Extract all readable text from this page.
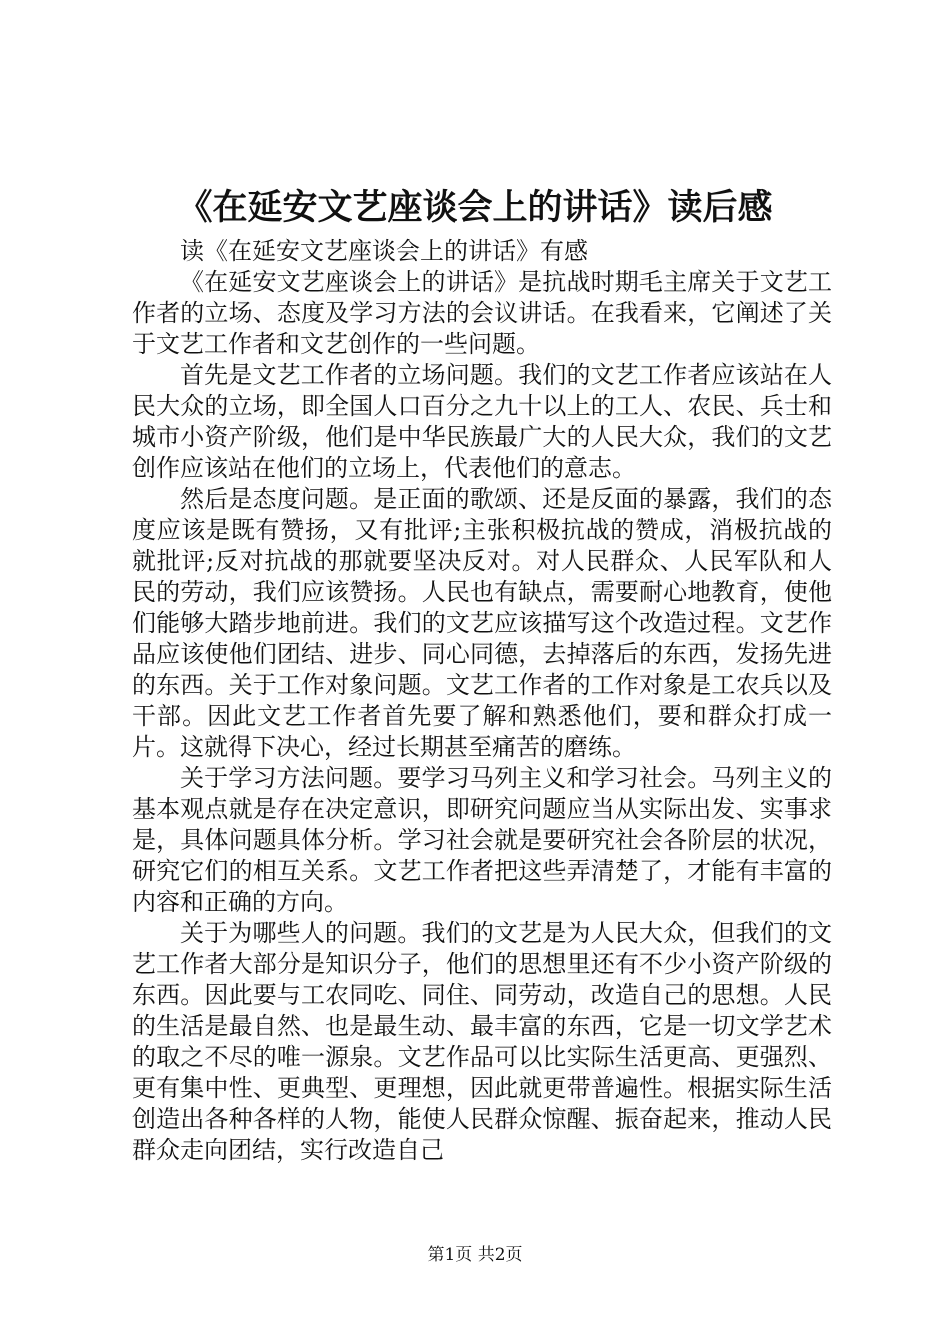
《在延安文艺座谈会上的讲话》读后感

读《在延安文艺座谈会上的讲话》有感

《在延安文艺座谈会上的讲话》是抗战时期毛主席关于文艺工作者的立场、态度及学习方法的会议讲话。在我看来，它阐述了关于文艺工作者和文艺创作的一些问题。

首先是文艺工作者的立场问题。我们的文艺工作者应该站在人民大众的立场，即全国人口百分之九十以上的工人、农民、兵士和城市小资产阶级，他们是中华民族最广大的人民大众，我们的文艺创作应该站在他们的立场上，代表他们的意志。

然后是态度问题。是正面的歌颂、还是反面的暴露，我们的态度应该是既有赞扬，又有批评;主张积极抗战的赞成，消极抗战的就批评;反对抗战的那就要坚决反对。对人民群众、人民军队和人民的劳动，我们应该赞扬。人民也有缺点，需要耐心地教育，使他们能够大踏步地前进。我们的文艺应该描写这个改造过程。文艺作品应该使他们团结、进步、同心同德，去掉落后的东西，发扬先进的东西。关于工作对象问题。文艺工作者的工作对象是工农兵以及干部。因此文艺工作者首先要了解和熟悉他们，要和群众打成一片。这就得下决心，经过长期甚至痛苦的磨练。

关于学习方法问题。要学习马列主义和学习社会。马列主义的基本观点就是存在决定意识，即研究问题应当从实际出发、实事求是，具体问题具体分析。学习社会就是要研究社会各阶层的状况，研究它们的相互关系。文艺工作者把这些弄清楚了，才能有丰富的内容和正确的方向。

关于为哪些人的问题。我们的文艺是为人民大众，但我们的文艺工作者大部分是知识分子，他们的思想里还有不少小资产阶级的东西。因此要与工农同吃、同住、同劳动，改造自己的思想。人民的生活是最自然、也是最生动、最丰富的东西，它是一切文学艺术的取之不尽的唯一源泉。文艺作品可以比实际生活更高、更强烈、更有集中性、更典型、更理想，因此就更带普遍性。根据实际生活创造出各种各样的人物，能使人民群众惊醒、振奋起来，推动人民群众走向团结，实行改造自己

第1页 共2页
